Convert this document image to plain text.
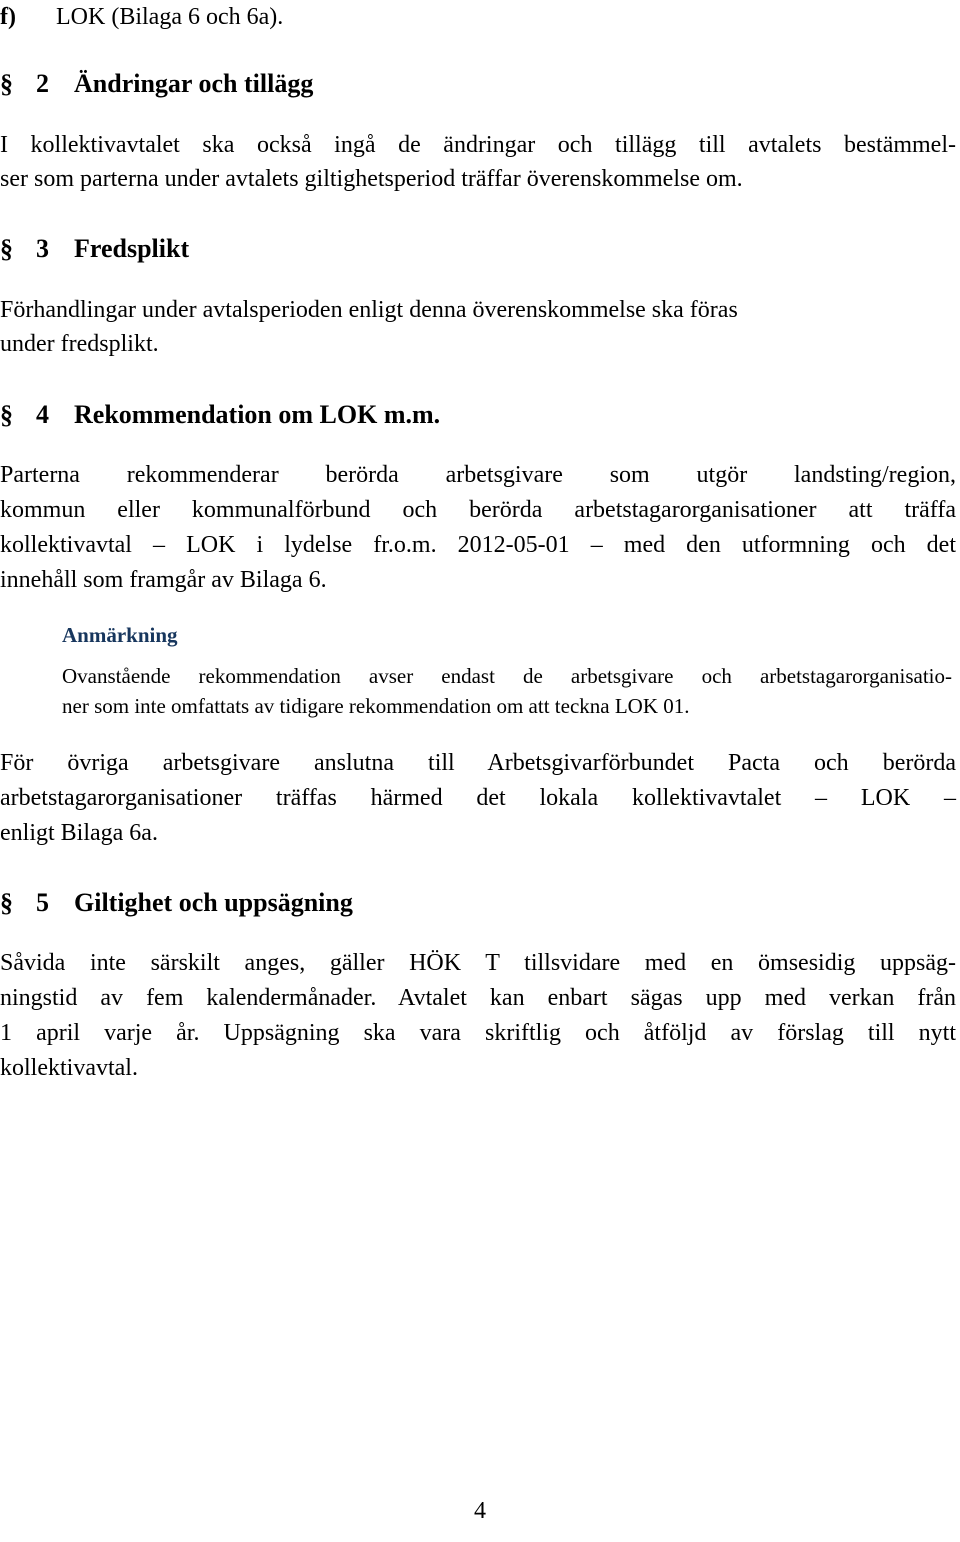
f) LOK (Bilaga 6 och 6a).
§ 2 Ändringar och tillägg
I kollektivavtalet ska också ingå de ändringar och tillägg till avtalets bestämmel-
ser som parterna under avtalets giltighetsperiod träffar överenskommelse om.
§ 3 Fredsplikt
Förhandlingar under avtalsperioden enligt denna överenskommelse ska föras
under fredsplikt.
§ 4 Rekommendation om LOK m.m.
Parterna rekommenderar berörda arbetsgivare som utgör landsting/region,
kommun eller kommunalförbund och berörda arbetstagarorganisationer att träffa
kollektivavtal – LOK i lydelse fr.o.m. 2012-05-01 – med den utformning och det
innehåll som framgår av Bilaga 6.
Anmärkning
Ovanstående rekommendation avser endast de arbetsgivare och arbetstagarorganisatio-
ner som inte omfattats av tidigare rekommendation om att teckna LOK 01.
För övriga arbetsgivare anslutna till Arbetsgivarförbundet Pacta och berörda
arbetstagarorganisationer träffas härmed det lokala kollektivavtalet – LOK –
enligt Bilaga 6a.
§ 5 Giltighet och uppsägning
Såvida inte särskilt anges, gäller HÖK T tillsvidare med en ömsesidig uppsäg-
ningstid av fem kalendermånader. Avtalet kan enbart sägas upp med verkan från
1 april varje år. Uppsägning ska vara skriftlig och åtföljd av förslag till nytt
kollektivavtal.
4
